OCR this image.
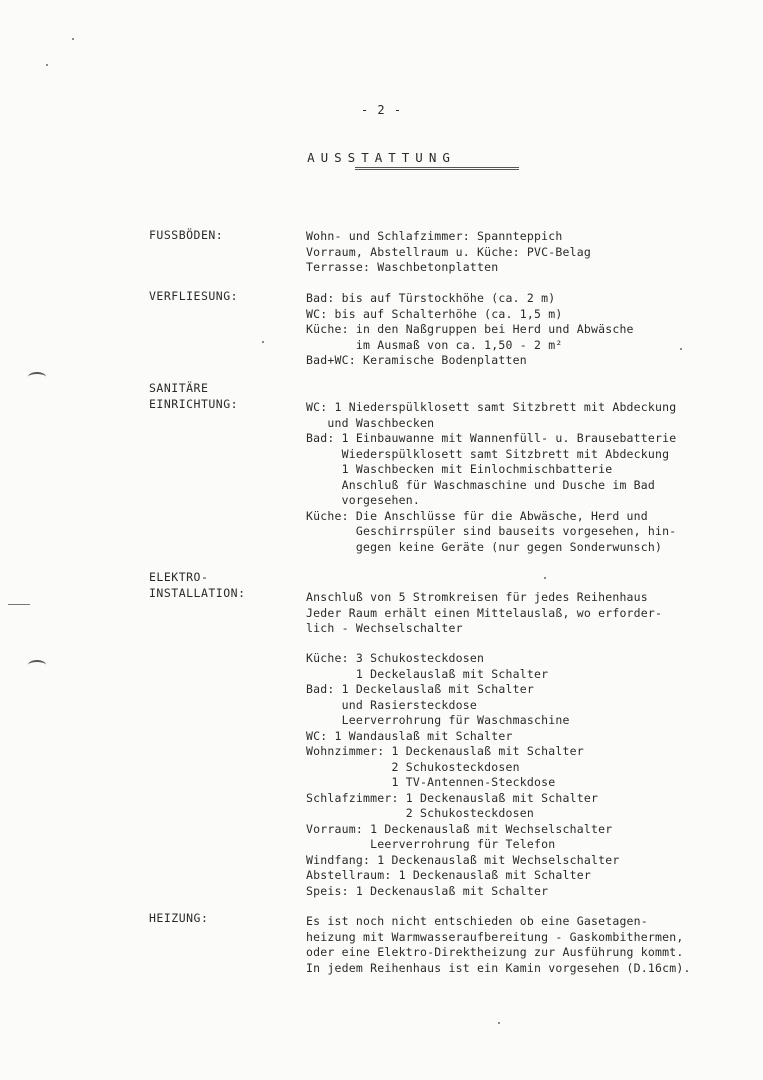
- 2 -
AUSSTATTUNG
FUSSBÖDEN:	Wohn- und Schlafzimmer: Spannteppich
Vorraum, Abstellraum u. Küche: PVC-Belag
Terrasse: Waschbetonplatten
VERFLIESUNG:	Bad: bis auf Türstockhöhe (ca. 2 m)
WC: bis auf Schalterhöhe (ca. 1,5 m)
Küche: in den Naßgruppen bei Herd und Abwäsche
im Ausmaß von ca. 1,50 - 2 m²
Bad+WC: Keramische Bodenplatten
SANITÄRE
EINRICHTUNG:	WC: 1 Niederspülklosett samt Sitzbrett mit Abdeckung
und Waschbecken
Bad: 1 Einbauwanne mit Wannenfüll- u. Brausebatterie
Wiederspülklosett samt Sitzbrett mit Abdeckung
1 Waschbecken mit Einlochmischbatterie
Anschluß für Waschmaschine und Dusche im Bad
vorgesehen.
Küche: Die Anschlüsse für die Abwäsche, Herd und
Geschirrspüler sind bauseits vorgesehen, hin-
gegen keine Geräte (nur gegen Sonderwunsch)
ELEKTRO-
INSTALLATION:	Anschluß von 5 Stromkreisen für jedes Reihenhaus
Jeder Raum erhält einen Mittelauslaß, wo erforder-
lich - Wechselschalter
Küche: 3 Schukosteckdosen
1 Deckelauslaß mit Schalter
Bad: 1 Deckelauslaß mit Schalter
und Rasiersteckdose
Leerverrohrung für Waschmaschine
WC: 1 Wandauslaß mit Schalter
Wohnzimmer: 1 Deckenauslaß mit Schalter
2 Schukosteckdosen
1 TV-Antennen-Steckdose
Schlafzimmer: 1 Deckenauslaß mit Schalter
2 Schukosteckdosen
Vorraum: 1 Deckenauslaß mit Wechselschalter
Leerverrohrung für Telefon
Windfang: 1 Deckenauslaß mit Wechselschalter
Abstellraum: 1 Deckenauslaß mit Schalter
Speis: 1 Deckenauslaß mit Schalter
HEIZUNG:	Es ist noch nicht entschieden ob eine Gasetagen-
heizung mit Warmwasseraufbereitung - Gaskombithermen,
oder eine Elektro-Direktheizung zur Ausführung kommt.
In jedem Reihenhaus ist ein Kamin vorgesehen (D.16cm).
